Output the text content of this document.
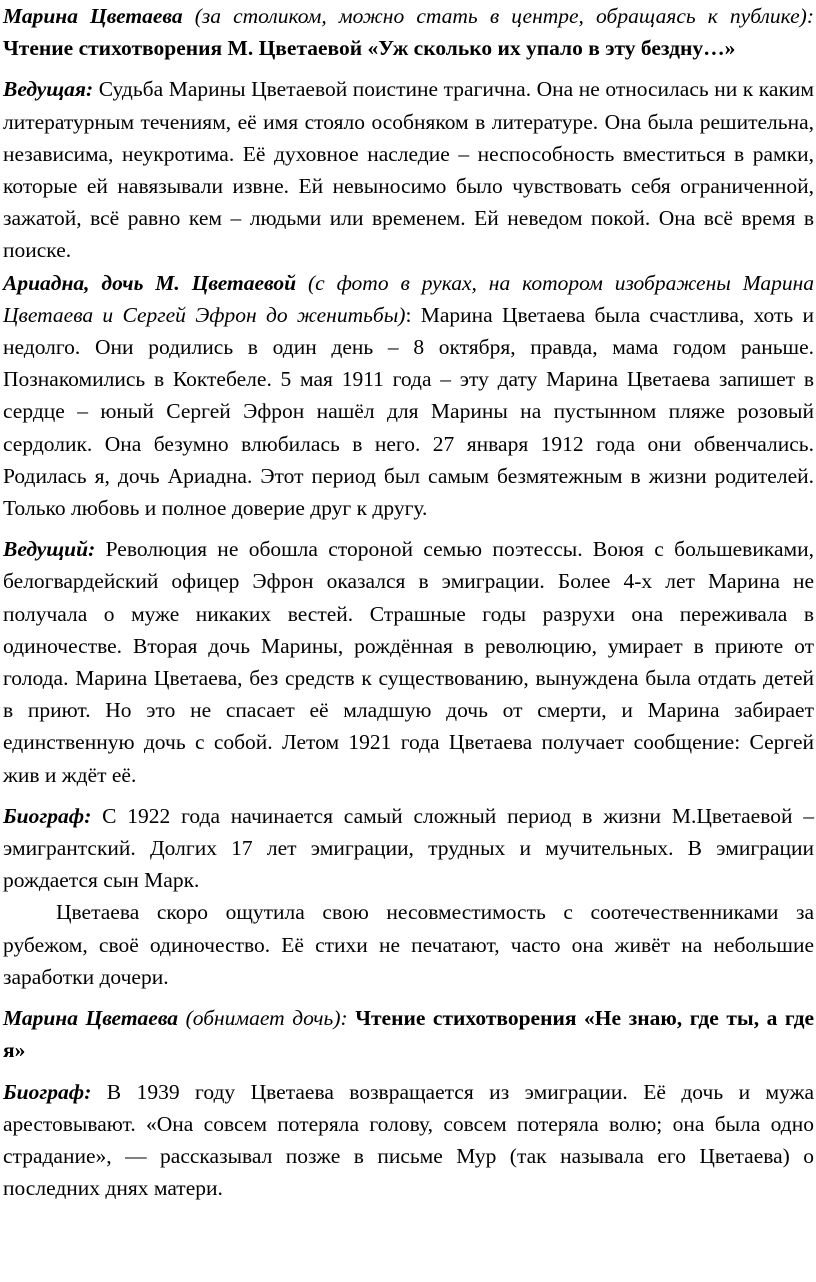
Марина Цветаева (за столиком, можно стать в центре, обращаясь к публике): Чтение стихотворения М. Цветаевой «Уж сколько их упало в эту бездну…»

Ведущая: Судьба Марины Цветаевой поистине трагична. Она не относилась ни к каким литературным течениям, её имя стояло особняком в литературе. Она была решительна, независима, неукротима. Её духовное наследие – неспособность вместиться в рамки, которые ей навязывали извне. Ей невыносимо было чувствовать себя ограниченной, зажатой, всё равно кем – людьми или временем. Ей неведом покой. Она всё время в поиске.

Ариадна, дочь М. Цветаевой (с фото в руках, на котором изображены Марина Цветаева и Сергей Эфрон до женитьбы): Марина Цветаева была счастлива, хоть и недолго. Они родились в один день – 8 октября, правда, мама годом раньше. Познакомились в Коктебеле. 5 мая 1911 года – эту дату Марина Цветаева запишет в сердце – юный Сергей Эфрон нашёл для Марины на пустынном пляже розовый сердолик. Она безумно влюбилась в него. 27 января 1912 года они обвенчались. Родилась я, дочь Ариадна. Этот период был самым безмятежным в жизни родителей. Только любовь и полное доверие друг к другу.

Ведущий: Революция не обошла стороной семью поэтессы. Воюя с большевиками, белогвардейский офицер Эфрон оказался в эмиграции. Более 4-х лет Марина не получала о муже никаких вестей. Страшные годы разрухи она переживала в одиночестве. Вторая дочь Марины, рождённая в революцию, умирает в приюте от голода. Марина Цветаева, без средств к существованию, вынуждена была отдать детей в приют. Но это не спасает её младшую дочь от смерти, и Марина забирает единственную дочь с собой. Летом 1921 года Цветаева получает сообщение: Сергей жив и ждёт её.

Биограф: С 1922 года начинается самый сложный период в жизни М.Цветаевой – эмигрантский. Долгих 17 лет эмиграции, трудных и мучительных. В эмиграции рождается сын Марк.

Цветаева скоро ощутила свою несовместимость с соотечественниками за рубежом, своё одиночество. Её стихи не печатают, часто она живёт на небольшие заработки дочери.

Марина Цветаева (обнимает дочь): Чтение стихотворения «Не знаю, где ты, а где я»

Биограф: В 1939 году Цветаева возвращается из эмиграции. Её дочь и мужа арестовывают. «Она совсем потеряла голову, совсем потеряла волю; она была одно страдание», — рассказывал позже в письме Мур (так называла его Цветаева) о последних днях матери.
